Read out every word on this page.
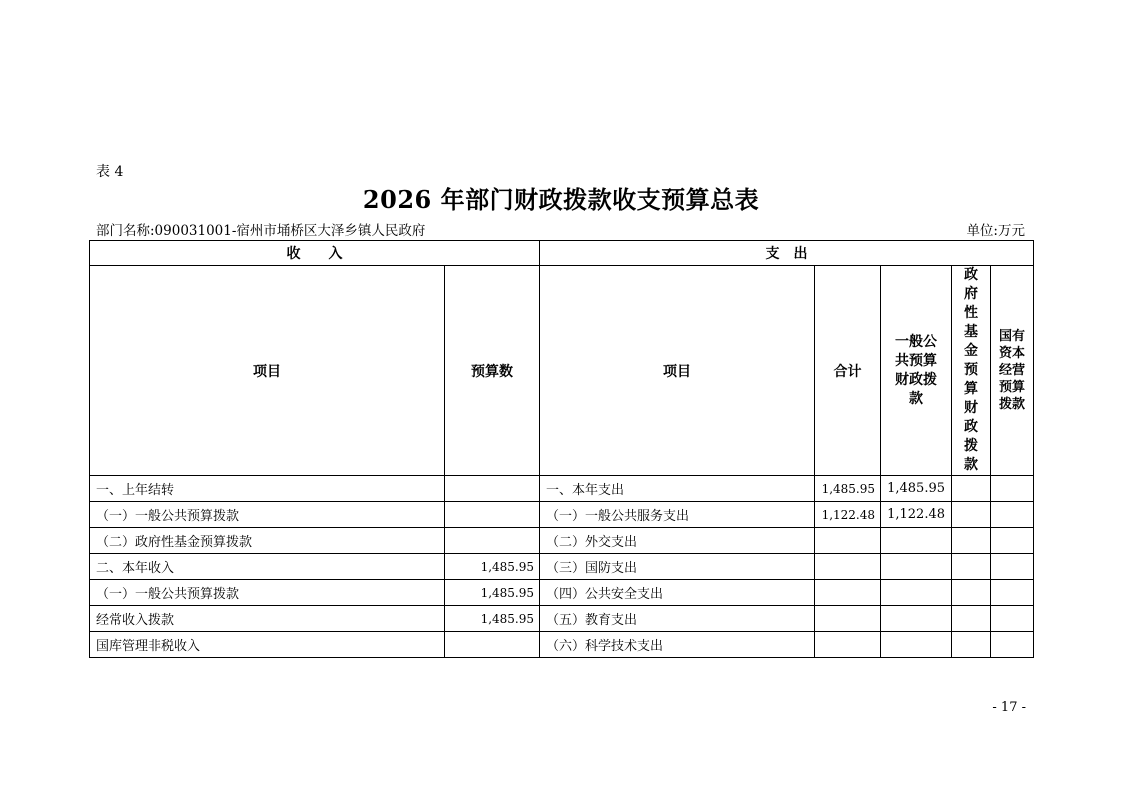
表 4
2026 年部门财政拨款收支预算总表
部门名称:090031001-宿州市埇桥区大泽乡镇人民政府	单位:万元
收　　入		支　出				
项目	预算数	项目	合计	一般公共预算财政拨款	政府性基金预算财政拨款	国有资本经营预算拨款

一、上年结转		一、本年支出	1,485.95	1,485.95		
（一）一般公共预算拨款		（一）一般公共服务支出	1,122.48	1,122.48		
（二）政府性基金预算拨款		（二）外交支出				
二、本年收入	1,485.95	（三）国防支出				
（一）一般公共预算拨款	1,485.95	（四）公共安全支出				
经常收入拨款	1,485.95	（五）教育支出				
国库管理非税收入		（六）科学技术支出				
- 17 -
